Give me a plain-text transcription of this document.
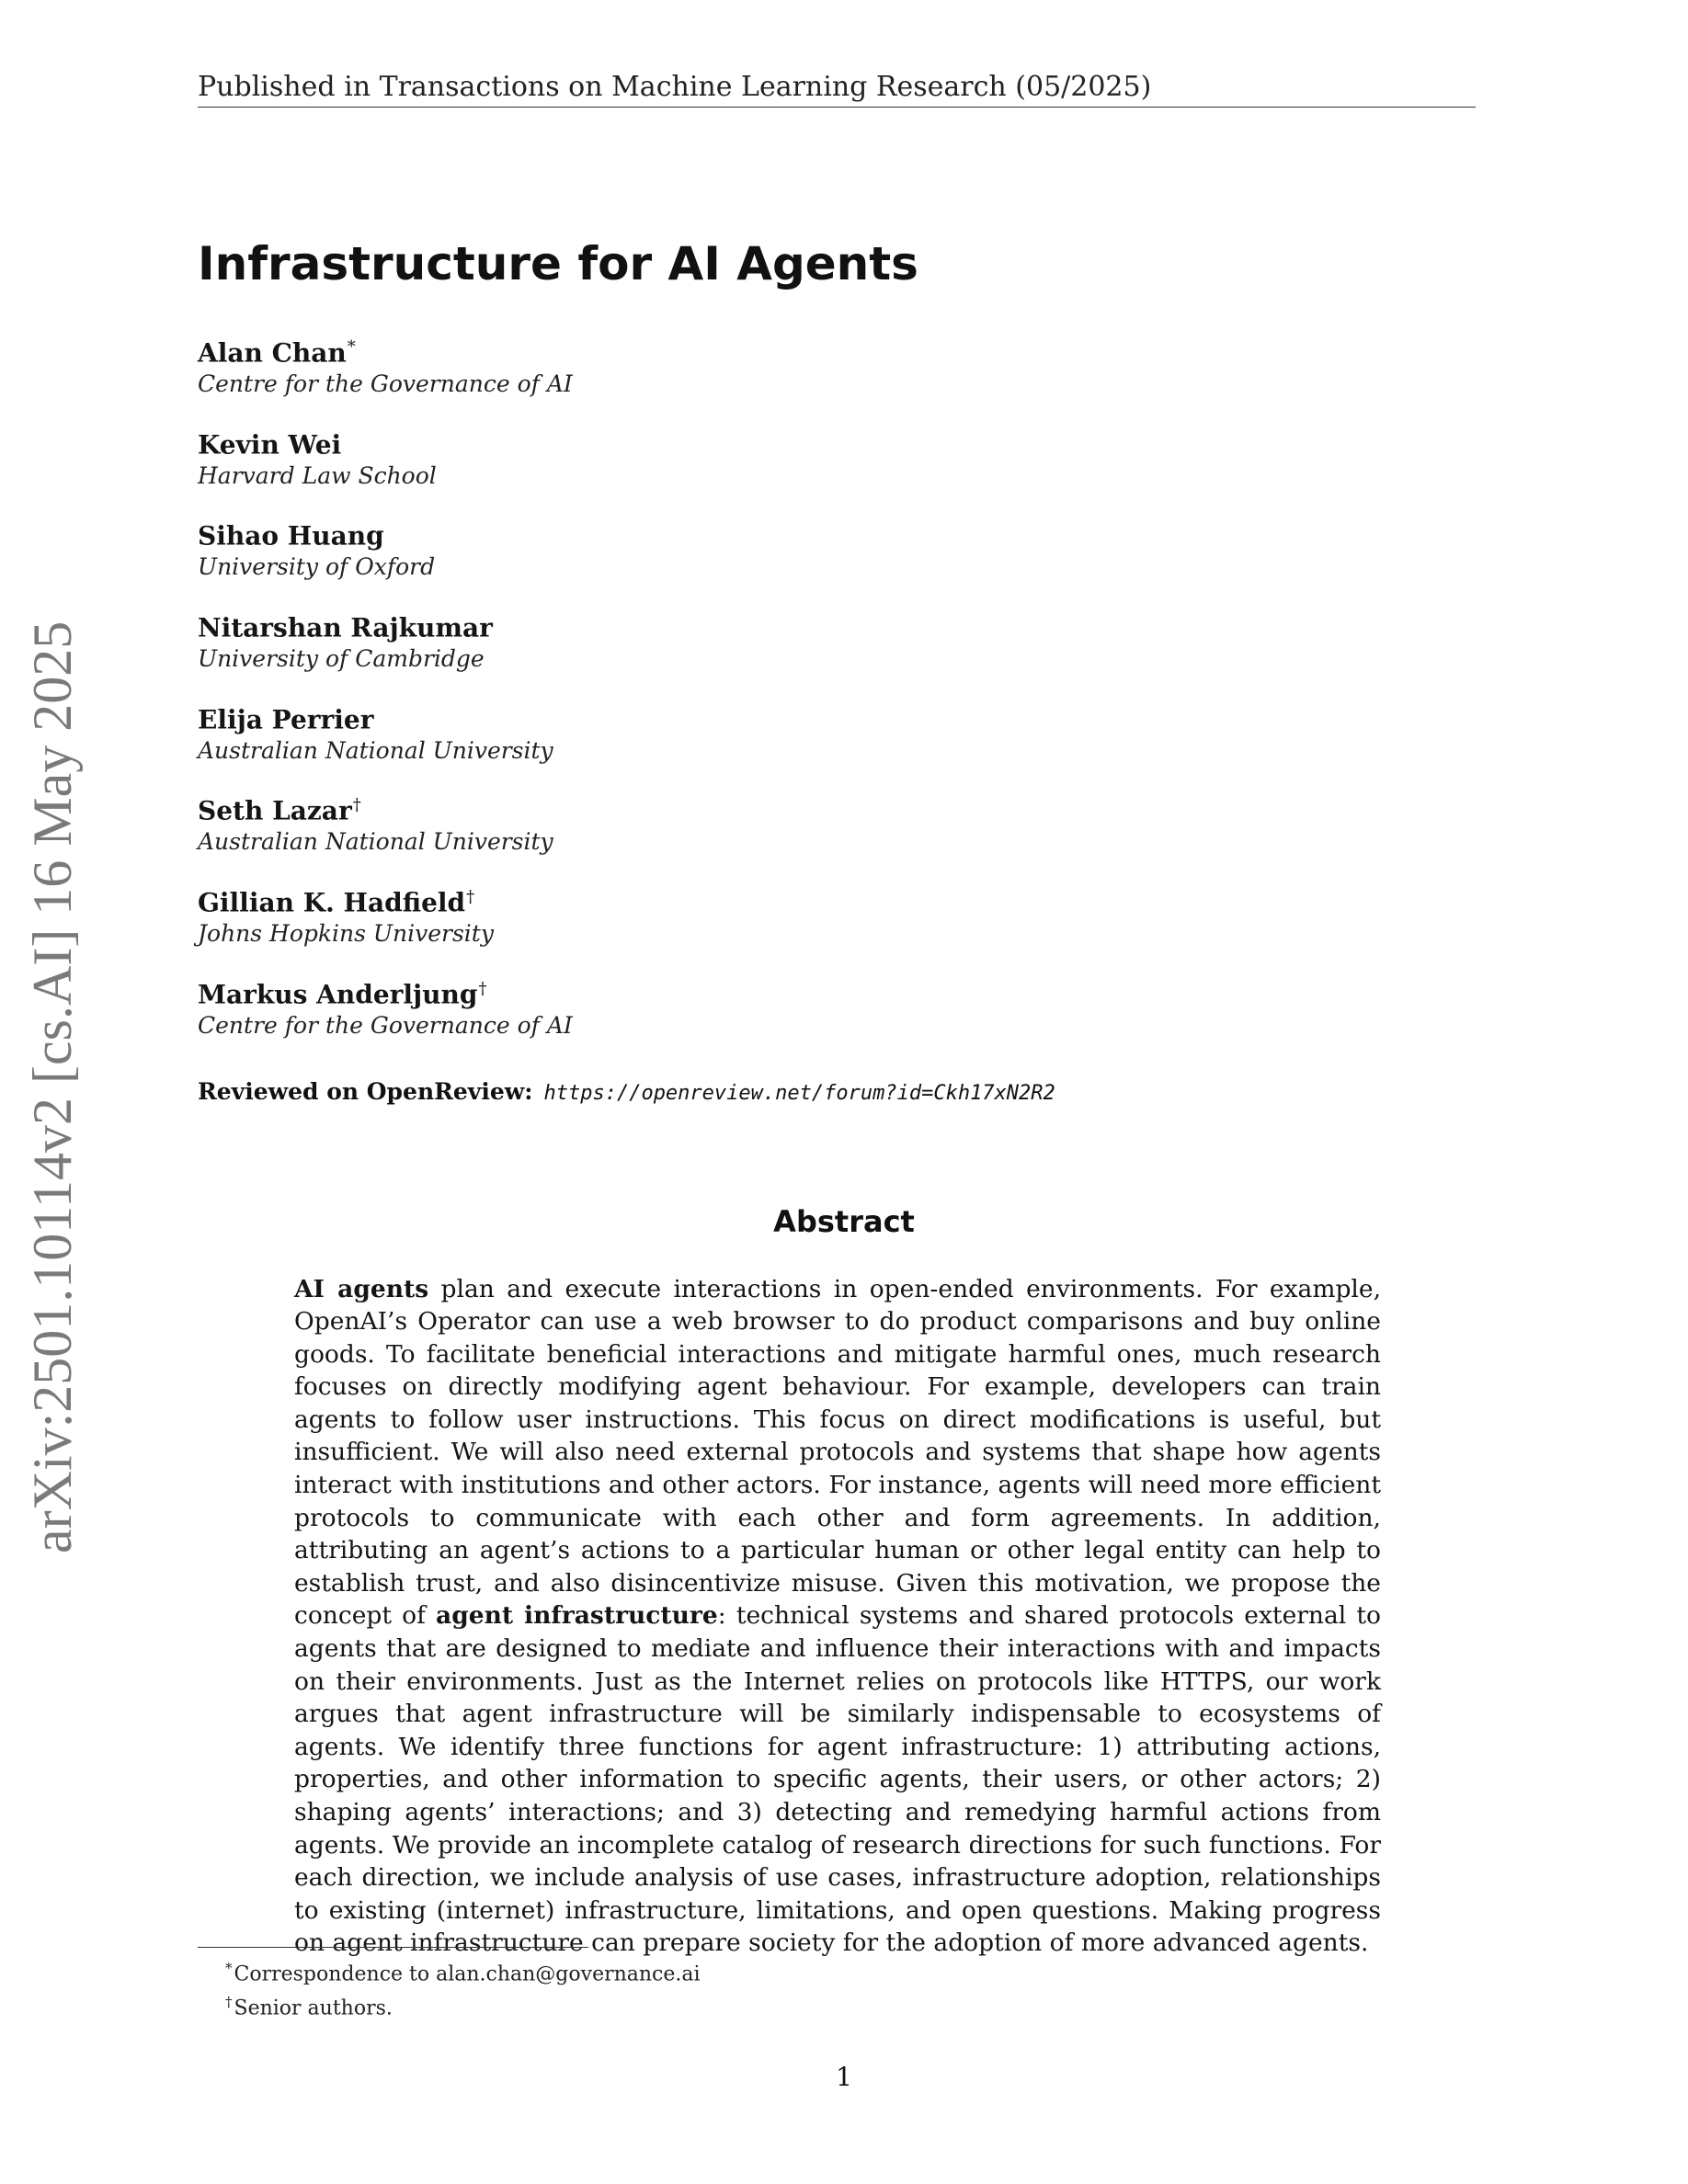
Published in Transactions on Machine Learning Research (05/2025)
arXiv:2501.10114v2 [cs.AI] 16 May 2025
Infrastructure for AI Agents
Alan Chan*
Centre for the Governance of AI
Kevin Wei
Harvard Law School
Sihao Huang
University of Oxford
Nitarshan Rajkumar
University of Cambridge
Elija Perrier
Australian National University
Seth Lazar†
Australian National University
Gillian K. Hadfield†
Johns Hopkins University
Markus Anderljung†
Centre for the Governance of AI
Reviewed on OpenReview: https://openreview.net/forum?id=Ckh17xN2R2
Abstract

AI agents plan and execute interactions in open-ended environments. For example, OpenAI’s Operator can use a web browser to do product comparisons and buy online goods. To facilitate beneficial interactions and mitigate harmful ones, much research focuses on directly modifying agent behaviour. For example, developers can train agents to follow user instructions. This focus on direct modifications is useful, but insufficient. We will also need external protocols and systems that shape how agents interact with institutions and other actors. For instance, agents will need more efficient protocols to communicate with each other and form agreements. In addition, attributing an agent’s actions to a particular human or other legal entity can help to establish trust, and also disincentivize misuse. Given this motivation, we propose the concept of agent infrastructure: technical systems and shared protocols external to agents that are designed to mediate and influence their interactions with and impacts on their environments. Just as the Internet relies on protocols like HTTPS, our work argues that agent infrastructure will be similarly indispensable to ecosystems of agents. We identify three functions for agent infrastructure: 1) attributing actions, properties, and other information to specific agents, their users, or other actors; 2) shaping agents’ interactions; and 3) detecting and remedying harmful actions from agents. We provide an incomplete catalog of research directions for such functions. For each direction, we include analysis of use cases, infrastructure adoption, relationships to existing (internet) infrastructure, limitations, and open questions. Making progress on agent infrastructure can prepare society for the adoption of more advanced agents.

*Correspondence to alan.chan@governance.ai
†Senior authors.
1
